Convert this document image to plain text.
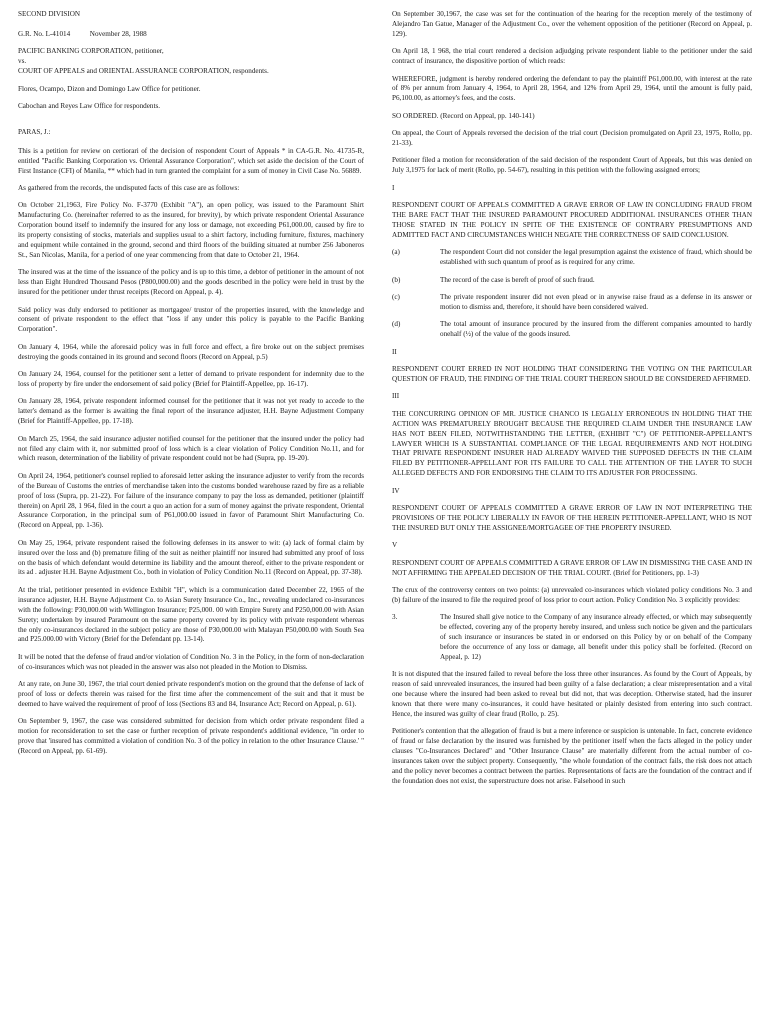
SECOND DIVISION

G.R. No. L-41014           November 28, 1988

PACIFIC BANKING CORPORATION, petitioner,

vs.

COURT OF APPEALS and ORIENTAL ASSURANCE CORPORATION, respondents.

Flores, Ocampo, Dizon and Domingo Law Office for petitioner.

Cabochan and Reyes Law Office for respondents.

PARAS, J.:

This is a petition for review on certiorari of the decision of respondent Court of Appeals * in CA-G.R. No. 41735-R, entitled "Pacific Banking Corporation vs. Oriental Assurance Corporation", which set aside the decision of the Court of First Instance (CFI) of Manila, ** which had in turn granted the complaint for a sum of money in Civil Case No. 56889.

As gathered from the records, the undisputed facts of this case are as follows:

On October 21,1963, Fire Policy No. F-3770 (Exhibit "A"), an open policy, was issued to the Paramount Shirt Manufacturing Co. (hereinafter referred to as the insured, for brevity), by which private respondent Oriental Assurance Corporation bound itself to indemnify the insured for any loss or damage, not exceeding P61,000.00, caused by fire to its property consisting of stocks, materials and supplies usual to a shirt factory, including furniture, fixtures, machinery and equipment while contained in the ground, second and third floors of the building situated at number 256 Jaboneros St., San Nicolas, Manila, for a period of one year commencing from that date to October 21, 1964.

The insured was at the time of the issuance of the policy and is up to this time, a debtor of petitioner in the amount of not less than Eight Hundred Thousand Pesos (P800,000.00) and the goods described in the policy were held in trust by the insured for the petitioner under thrust receipts (Record on Appeal, p. 4).

Said policy was duly endorsed to petitioner as mortgagee/ trustor of the properties insured, with the knowledge and consent of private respondent to the effect that "loss if any under this policy is payable to the Pacific Banking Corporation".

On January 4, 1964, while the aforesaid policy was in full force and effect, a fire broke out on the subject premises destroying the goods contained in its ground and second floors (Record on Appeal, p.5)

On January 24, 1964, counsel for the petitioner sent a letter of demand to private respondent for indemnity due to the loss of property by fire under the endorsement of said policy (Brief for Plaintiff-Appellee, pp. 16-17).

On January 28, 1964, private respondent informed counsel for the petitioner that it was not yet ready to accede to the latter's demand as the former is awaiting the final report of the insurance adjuster, H.H. Bayne Adjustment Company (Brief for Plaintiff-Appellee, pp. 17-18).

On March 25, 1964, the said insurance adjuster notified counsel for the petitioner that the insured under the policy had not filed any claim with it, nor submitted proof of loss which is a clear violation of Policy Condition No.11, and for which reason, determination of the liability of private respondent could not be had (Supra, pp. 19-20).

On April 24, 1964, petitioner's counsel replied to aforesaid letter asking the insurance adjuster to verify from the records of the Bureau of Customs the entries of merchandise taken into the customs bonded warehouse razed by fire as a reliable proof of loss (Supra, pp. 21-22). For failure of the insurance company to pay the loss as demanded, petitioner (plaintiff therein) on April 28, 1 964, filed in the court a quo an action for a sum of money against the private respondent, Oriental Assurance Corporation, in the principal sum of P61,000.00 issued in favor of Paramount Shirt Manufacturing Co. (Record on Appeal, pp. 1-36).

On May 25, 1964, private respondent raised the following defenses in its answer to wit: (a) lack of formal claim by insured over the loss and (b) premature filing of the suit as neither plaintiff nor insured had submitted any proof of loss on the basis of which defendant would determine its liability and the amount thereof, either to the private respondent or its ad . adjuster H.H. Bayne Adjustment Co., both in violation of Policy Condition No.11 (Record on Appeal, pp. 37-38).

At the trial, petitioner presented in evidence Exhibit "H", which is a communication dated December 22, 1965 of the insurance adjuster, H.H. Bayne Adjustment Co. to Asian Surety Insurance Co., Inc., revealing undeclared co-insurances with the following: P30,000.00 with Wellington Insurance; P25,000. 00 with Empire Surety and P250,000.00 with Asian Surety; undertaken by insured Paramount on the same property covered by its policy with private respondent whereas the only co-insurances declared in the subject policy are those of P30,000.00 with Malayan P50,000.00 with South Sea and P25.000.00 with Victory (Brief for the Defendant pp. 13-14).

It will be noted that the defense of fraud and/or violation of Condition No. 3 in the Policy, in the form of non-declaration of co-insurances which was not pleaded in the answer was also not pleaded in the Motion to Dismiss.

At any rate, on June 30, 1967, the trial court denied private respondent's motion on the ground that the defense of lack of proof of loss or defects therein was raised for the first time after the commencement of the suit and that it must be deemed to have waived the requirement of proof of loss (Sections 83 and 84, Insurance Act; Record on Appeal, p. 61).

On September 9, 1967, the case was considered submitted for decision from which order private respondent filed a motion for reconsideration to set the case or further reception of private respondent's additional evidence, "in order to prove that 'insured has committed a violation of condition No. 3 of the policy in relation to the other Insurance Clause.' " (Record on Appeal, pp. 61-69).

On September 30,1967, the case was set for the continuation of the hearing for the reception merely of the testimony of Alejandro Tan Gatue, Manager of the Adjustment Co., over the vehement opposition of the petitioner (Record on Appeal, p. 129).

On April 18, 1 968, the trial court rendered a decision adjudging private respondent liable to the petitioner under the said contract of insurance, the dispositive portion of which reads:

WHEREFORE, judgment is hereby rendered ordering the defendant to pay the plaintiff P61,000.00, with interest at the rate of 8% per annum from January 4, 1964, to April 28, 1964, and 12% from April 29, 1964, until the amount is fully paid, P6,100.00, as attorney's fees, and the costs.

SO ORDERED. (Record on Appeal, pp. 140-141)

On appeal, the Court of Appeals reversed the decision of the trial court (Decision promulgated on April 23, 1975, Rollo, pp. 21-33).

Petitioner filed a motion for reconsideration of the said decision of the respondent Court of Appeals, but this was denied on July 3,1975 for lack of merit (Rollo, pp. 54-67), resulting in this petition with the following assigned errors;

I

RESPONDENT COURT OF APPEALS COMMITTED A GRAVE ERROR OF LAW IN CONCLUDING FRAUD FROM THE BARE FACT THAT THE INSURED PARAMOUNT PROCURED ADDITIONAL INSURANCES OTHER THAN THOSE STATED IN THE POLICY IN SPITE OF THE EXISTENCE OF CONTRARY PRESUMPTIONS AND ADMITTED FACT AND CIRCUMSTANCES WHICH NEGATE THE CORRECTNESS OF SAID CONCLUSION.

(a)	The respondent Court did not consider the legal presumption against the existence of fraud, which should be established with such quantum of proof as is required for any crime.
(b)	The record of the case is bereft of proof of such fraud.
(c)	The private respondent insurer did not even plead or in anywise raise fraud as a defense in its answer or motion to dismiss and, therefore, it should have been considered waived.
(d)	The total amount of insurance procured by the insured from the different companies amounted to hardly onehalf (½) of the value of the goods insured.

II

RESPONDENT COURT ERRED IN NOT HOLDING THAT CONSIDERING THE VOTING ON THE PARTICULAR QUESTION OF FRAUD, THE FINDING OF THE TRIAL COURT THEREON SHOULD BE CONSIDERED AFFIRMED.

III

THE CONCURRING OPINION OF MR. JUSTICE CHANCO IS LEGALLY ERRONEOUS IN HOLDING THAT THE ACTION WAS PREMATURELY BROUGHT BECAUSE THE REQUIRED CLAIM UNDER THE INSURANCE LAW HAS NOT BEEN FILED, NOTWITHSTANDING THE LETTER, (EXHIBIT "C") OF PETITIONER-APPELLANT'S LAWYER WHICH IS A SUBSTANTIAL COMPLIANCE OF THE LEGAL REQUIREMENTS AND NOT HOLDING THAT PRIVATE RESPONDENT INSURER HAD ALREADY WAIVED THE SUPPOSED DEFECTS IN THE CLAIM FILED BY PETITIONER-APPELLANT FOR ITS FAILURE TO CALL THE ATTENTION OF THE LAYER TO SUCH ALLEGED DEFECTS AND FOR ENDORSING THE CLAIM TO ITS ADJUSTER FOR PROCESSING.

IV

RESPONDENT COURT OF APPEALS COMMITTED A GRAVE ERROR OF LAW IN NOT INTERPRETING THE PROVISIONS OF THE POLICY LIBERALLY IN FAVOR OF THE HEREIN PETITIONER-APPELLANT, WHO IS NOT THE INSURED BUT ONLY THE ASSIGNEE/MORTGAGEE OF THE PROPERTY INSURED.

V

RESPONDENT COURT OF APPEALS COMMITTED A GRAVE ERROR OF LAW IN DISMISSING THE CASE AND IN NOT AFFIRMING THE APPEALED DECISION OF THE TRIAL COURT. (Brief for Petitioners, pp. 1-3)

The crux of the controversy centers on two points: (a) unrevealed co-insurances which violated policy conditions No. 3 and (b) failure of the insured to file the required proof of loss prior to court action. Policy Condition No. 3 explicitly provides:

3.	The Insured shall give notice to the Company of any insurance already effected, or which may subsequently be effected, covering any of the property hereby insured, and unless such notice be given and the particulars of such insurance or insurances be stated in or endorsed on this Policy by or on behalf of the Company before the occurrence of any loss or damage, all benefit under this policy shall be forfeited. (Record on Appeal, p. 12)

It is not disputed that the insured failed to reveal before the loss three other insurances. As found by the Court of Appeals, by reason of said unrevealed insurances, the insured had been guilty of a false declaration; a clear misrepresentation and a vital one because where the insured had been asked to reveal but did not, that was deception. Otherwise stated, had the insurer known that there were many co-insurances, it could have hesitated or plainly desisted from entering into such contract. Hence, the insured was guilty of clear fraud (Rollo, p. 25).

Petitioner's contention that the allegation of fraud is but a mere inference or suspicion is untenable. In fact, concrete evidence of fraud or false declaration by the insured was furnished by the petitioner itself when the facts alleged in the policy under clauses "Co-Insurances Declared" and "Other Insurance Clause" are materially different from the actual number of co-insurances taken over the subject property. Consequently, "the whole foundation of the contract fails, the risk does not attach and the policy never becomes a contract between the parties. Representations of facts are the foundation of the contract and if the foundation does not exist, the superstructure does not arise. Falsehood in such
